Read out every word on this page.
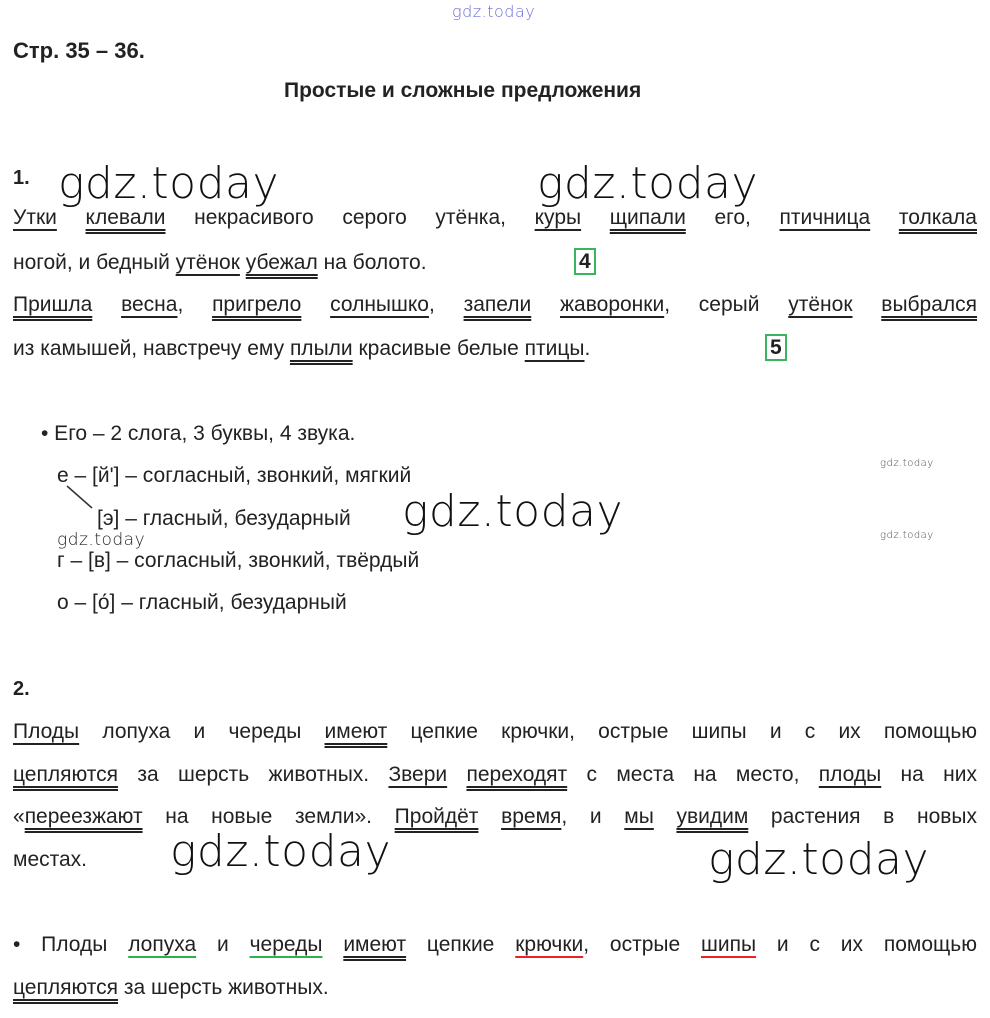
gdz.today
gdz.today	gdz.today
gdz.today
gdz.today	gdz.today
gdz.today
gdz.today
gdz.today
Стр. 35 – 36.
Простые и сложные предложения
1.
Утки клевали некрасивого серого утёнка, куры щипали его, птичница толкала
ногой, и бедный утёнок убежал на болото.	4
Пришла весна, пригрело солнышко, запели жаворонки, серый утёнок выбрался
из камышей, навстречу ему плыли красивые белые птицы.	5
• Его – 2 слога, 3 буквы, 4 звука.
е – [й'] – согласный, звонкий, мягкий
[э] – гласный, безударный
г – [в] – согласный, звонкий, твёрдый
о – [о́] – гласный, безударный
2.
Плоды лопуха и череды имеют цепкие крючки, острые шипы и с их помощью
цепляются за шерсть животных. Звери переходят с места на место, плоды на них
«переезжают на новые земли». Пройдёт время, и мы увидим растения в новых
местах.
• Плоды лопуха и череды имеют цепкие крючки, острые шипы и с их помощью
цепляются за шерсть животных.
